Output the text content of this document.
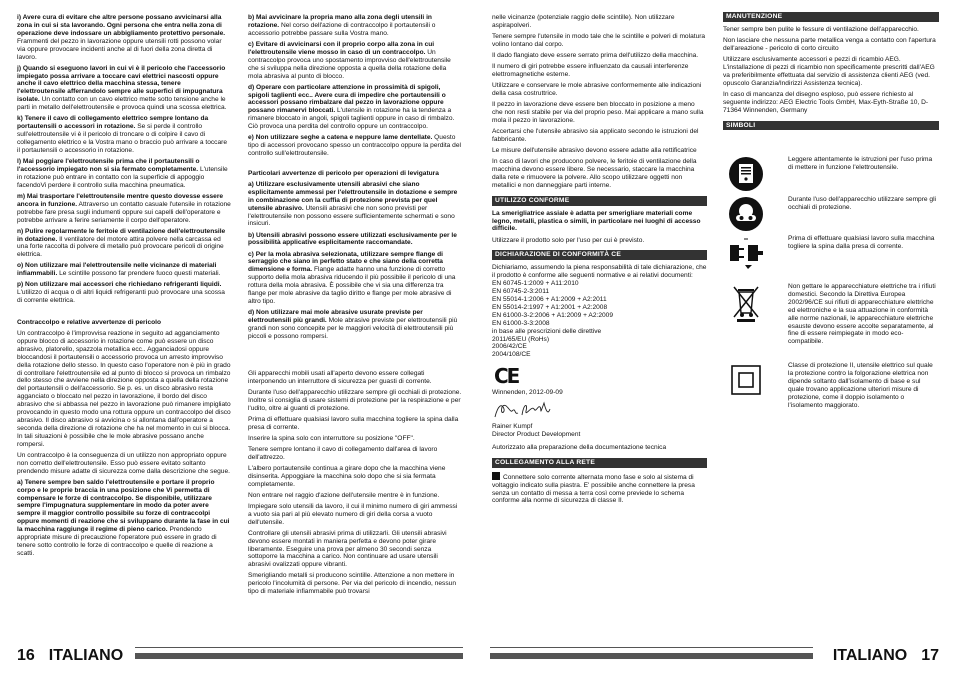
i) Avere cura di evitare che altre persone possano avvicinarsi alla zona in cui si sta lavorando. Ogni persona che entra nella zona di operazione deve indossare un abbigliamento protettivo personale. Frammenti del pezzo in lavorazione oppure utensili rotti possono volar via oppure provocare incidenti anche al di fuori della zona diretta di lavoro.

j) Quando si eseguono lavori in cui vi è il pericolo che l'accessorio impiegato possa arrivare a toccare cavi elettrici nascosti oppure anche il cavo elettrico della macchina stessa, tenere l'elettroutensile afferrandolo sempre alle superfici di impugnatura isolate. Un contatto con un cavo elettrico mette sotto tensione anche le parti in metallo dell'elettroutensile e provoca quindi una scossa elettrica.

k) Tenere il cavo di collegamento elettrico sempre lontano da portautensili o accessori in rotazione. Se si perde il controllo sull'elettroutensile vi è il pericolo di troncare o di colpire il cavo di collegamento elettrico e la Vostra mano o braccio può arrivare a toccare il portautensili o accessorio in rotazione.

l) Mai poggiare l'elettroutensile prima che il portautensili o l'accessorio impiegato non si sia fermato completamente. L'utensile in rotazione può entrare in contatto con la superficie di appoggio facendoVi perdere il controllo sulla macchina pneumatica.

m) Mai trasportare l'elettroutensile mentre questo dovesse essere ancora in funzione. Attraverso un contatto casuale l'utensile in rotazione potrebbe fare presa sugli indumenti oppure sui capelli dell'operatore e potrebbe arrivare a ferire seriamente il corpo dell'operatore.

n) Pulire regolarmente le feritoie di ventilazione dell'elettroutensile in dotazione. Il ventilatore del motore attira polvere nella carcassa ed una forte raccolta di polvere di metallo può provocare pericoli di origine elettrica.

o) Non utilizzare mai l'elettroutensile nelle vicinanze di materiali infiammabili. Le scintille possono far prendere fuoco questi materiali.

p) Non utilizzare mai accessori che richiedano refrigeranti liquidi. L'utilizzo di acqua o di altri liquidi refrigeranti può provocare una scossa di corrente elettrica.

Contraccolpo e relative avvertenze di pericolo

Un contraccolpo è l'improvvisa reazione in seguito ad agganciamento oppure blocco di accessorio in rotazione come può essere un disco abrasivo, platorello, spazzola metallica ecc.. Agganciadosi oppure bloccandosi il portautensili o accessorio provoca un arresto improvviso della rotazione dello stesso. In questo caso l'operatore non è più in grado di controllare l'elettroutensile ed al punto di blocco si provoca un rimbalzo dello stesso che avviene nella direzione opposta a quella della rotazione del portautensili o dell'accessorio. Se p. es. un disco abrasivo resta agganciato o bloccato nel pezzo in lavorazione, il bordo del disco abrasivo che si abbassa nel pezzo in lavorazione può rimanere impigliato provocando in questo modo una rottura oppure un contraccolpo del disco abrasivo. Il disco abrasivo si avvicina o si allontana dall'operatore a seconda della direzione di rotazione che ha nel momento in cui si blocca. In tali situazioni è possibile che le mole abrasive possano anche rompersi.

Un contraccolpo è la conseguenza di un utilizzo non appropriato oppure non corretto dell'elettroutensile. Esso può essere evitato soltanto prendendo misure adatte di sicurezza come dalla descrizione che segue.

a) Tenere sempre ben saldo l'elettroutensile e portare il proprio corpo e le proprie braccia in una posizione che Vi permetta di compensare le forze di contraccolpo. Se disponibile, utilizzare sempre l'impugnatura supplementare in modo da poter avere sempre il maggior controllo possibile su forze di contraccolpi oppure momenti di reazione che si sviluppano durante la fase in cui la macchina raggiunge il regime di pieno carico. Prendendo appropriate misure di precauzione l'operatore può essere in grado di tenere sotto controllo le forze di contraccolpo e quelle di reazione a scatti.

b) Mai avvicinare la propria mano alla zona degli utensili in rotazione. Nel corso dell'azione di contraccolpo il portautensili o accessorio potrebbe passare sulla Vostra mano.

c) Evitare di avvicinarsi con il proprio corpo alla zona in cui l'elettroutensile viene mosso in caso di un contraccolpo. Un contraccolpo provoca uno spostamento improvviso dell'elettroutensile che si sviluppa nella direzione opposta a quella della rotazione della mola abrasiva al punto di blocco.

d) Operare con particolare attenzione in prossimità di spigoli, spigoli taglienti ecc.. Avere cura di impedire che portautensili o accessori possano rimbalzare dal pezzo in lavorazione oppure possano rimanervi bloccati. L'utensile in rotazione ha la tendenza a rimanere bloccato in angoli, spigoli taglienti oppure in caso di rimbalzo. Ciò provoca una perdita del controllo oppure un contraccolpo.

e) Non utilizzare seghe a catena e neppure lame dentellate. Questo tipo di accessori provocano spesso un contraccolpo oppure la perdita del controllo sull'elettroutensile.

Particolari avvertenze di pericolo per operazioni di levigatura

a) Utilizzare esclusivamente utensili abrasivi che siano esplicitamente ammessi per l'elettroutensile in dotazione e sempre in combinazione con la cuffia di protezione prevista per quel utensile abrasivo. Utensili abrasivi che non sono previsti per l'elettroutensile non possono essere sufficientemente schermati e sono insicuri.

b) Utensili abrasivi possono essere utilizzati esclusivamente per le possibilità applicative esplicitamente raccomandate.

c) Per la mola abrasiva selezionata, utilizzare sempre flange di serraggio che siano in perfetto stato e che siano della corretta dimensione e forma. Flange adatte hanno una funzione di corretto supporto della mola abrasiva riducendo il più possibile il pericolo di una rottura della mola abrasiva. È possibile che vi sia una differenza tra flange per mole abrasive da taglio diritto e flange per mole abrasive di altro tipo.

d) Non utilizzare mai mole abrasive usurate previste per elettroutensili più grandi. Mole abrasive previste per elettroutensili più grandi non sono concepite per le maggiori velocità di elettroutensili più piccoli e possono rompersi.

Gli apparecchi mobili usati all'aperto devono essere collegati interponendo un interruttore di sicurezza per guasti di corrente.

Durante l'uso dell'apparecchio utilizzare sempre gli occhiali di protezione. Inoltre si consiglia di usare sistemi di protezione per la respirazione e per l'udito, oltre ai guanti di protezione.

Prima di effettuare qualsiasi lavoro sulla macchina togliere la spina dalla presa di corrente.

Inserire la spina solo con interruttore su posizione "OFF".

Tenere sempre lontano il cavo di collegamento dall'area di lavoro dell'attrezzo.

L'albero portautensile continua a girare dopo che la macchina viene disinserita. Appoggiare la macchina solo dopo che si sia fermata completamente.

Non entrare nel raggio d'azione dell'utensile mentre è in funzione.

Impiegare solo utensili da lavoro, il cui il minimo numero di giri ammessi a vuoto sia pari al più elevato numero di giri della corsa a vuoto dell'utensile.

Controllare gli utensili abrasivi prima di utilizzarli. Gli utensili abrasivi devono essere montati in maniera perfetta e devono poter girare liberamente. Eseguire una prova per almeno 30 secondi senza sottoporre la macchina a carico. Non continuare ad usare utensili abrasivi ovalizzati oppure vibranti.

Smerigliando metalli si producono scintille. Attenzione a non mettere in pericolo l'incolumità di persone. Per via del pericolo di incendio, nessun tipo di materiale infiammabile può trovarsi

16 ITALIANO

nelle vicinanze (potenziale raggio delle scintille). Non utilizzare aspirapolveri.

Tenere sempre l'utensile in modo tale che le scintille e polveri di molatura volino lontano dal corpo.

Il dado flangiato deve essere serrato prima dell'utilizzo della macchina.

Il numero di giri potrebbe essere influenzato da causali interferenze elettromagnetiche esterne.

Utilizzare e conservare le mole abrasive conformemente alle indicazioni della casa costruttrice.

Il pezzo in lavorazione deve essere ben bloccato in posizione a meno che non resti stabile per via del proprio peso. Mai applicare a mano sulla mola il pezzo in lavorazione.

Accertarsi che l'utensile abrasivo sia applicato secondo le istruzioni del fabbricante.

Le misure dell'utensile abrasivo devono essere adatte alla rettificatrice

In caso di lavori che producono polvere, le feritoie di ventilazione della macchina devono essere libere. Se necessario, staccare la macchina dalla rete e rimuovere la polvere. Allo scopo utilizzare oggetti non metallici e non danneggiare parti interne.

UTILIZZO CONFORME

La smerigliatrice assiale è adatta per smerigliare materiali come legno, metalli, plastica o simili, in particolare nei luoghi di accesso difficile.

Utilizzare il prodotto solo per l'uso per cui è previsto.

DICHIARAZIONE DI CONFORMITÀ CE
Dichiariamo, assumendo la piena responsabilità di tale dichiarazione, che il prodotto è conforme alle seguenti normative e ai relativi documenti:
EN 60745-1:2009 + A11:2010
EN 60745-2-3:2011
EN 55014-1:2006 + A1:2009 + A2:2011
EN 55014-2:1997 + A1:2001 + A2:2008
EN 61000-3-2:2006 + A1:2009 + A2:2009
EN 61000-3-3:2008
in base alle prescrizioni delle direttive
2011/65/EU (RoHs)
2006/42/CE
2004/108/CE
CE
Winnenden, 2012-09-09
Rainer Kumpf
Director Product Development
Autorizzato alla preparazione della documentazione tecnica
COLLEGAMENTO ALLA RETE

Connettere solo corrente alternata mono fase e solo al sistema di voltaggio indicato sulla piastra. E' possibile anche connettere la presa senza un contatto di messa a terra così come previede lo schema conforme alla norme di sicurezza di classe II.

MANUTENZIONE

Tener sempre ben pulite le fessure di ventilazione dell'apparecchio.

Non lasciare che nessuna parte metallica venga a contatto con l'apertura dell'areazione - pericolo di corto circuito

Utilizzare esclusivamente accessori e pezzi di ricambio AEG. L'installazione di pezzi di ricambio non specificamente prescritti dall'AEG va preferibilmente effettuata dal servizio di assistenza clienti AEG (ved. opuscolo Garanzia/Indirizzi Assistenza tecnica).

In caso di mancanza del disegno esploso, può essere richiesto al seguente indirizzo: AEG Electric Tools GmbH, Max-Eyth-Straße 10, D-71364 Winnenden, Germany

SIMBOLI
Leggere attentamente le istruzioni per l'uso prima di mettere in funzione l'elettroutensile.
Durante l'uso dell'apparecchio utilizzare sempre gli occhiali di protezione.
Prima di effettuare qualsiasi lavoro sulla macchina togliere la spina dalla presa di corrente.
Non gettare le apparecchiature elettriche tra i rifiuti domestici. Secondo la Direttiva Europea 2002/96/CE sui rifiuti di apparecchiature elettriche ed elettroniche e la sua attuazione in conformità alle norme nazionali, le apparecchiature elettriche esauste devono essere accolte separatamente, al fine di essere reimpiegate in modo eco-compatibile.
Classe di protezione II, utensile elettrico sul quale la protezione contro la folgorazione elettrica non dipende soltanto dall'isolamento di base e sul quale trovano applicazione ulteriori misure di protezione, come il doppio isolamento o l'isolamento maggiorato.
ITALIANO 17
